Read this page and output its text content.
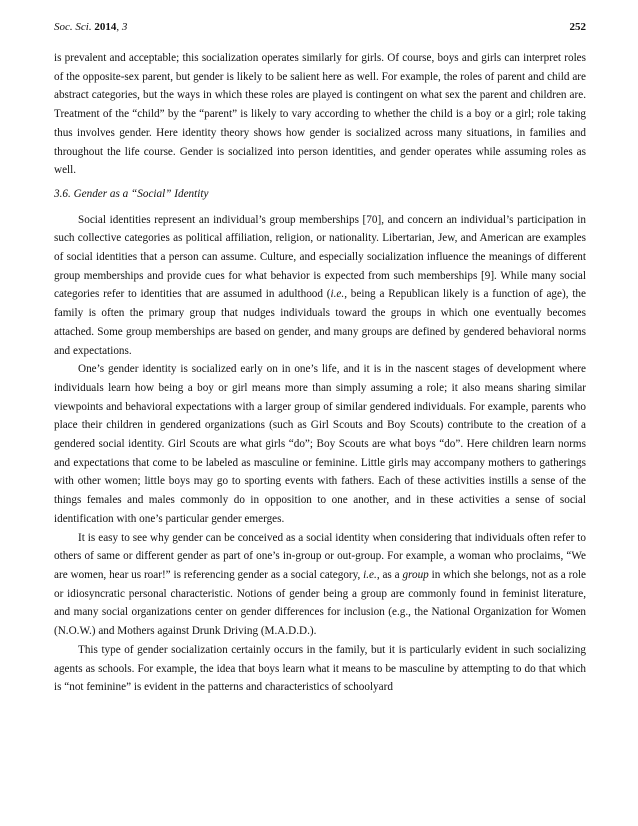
Soc. Sci. 2014, 3	252

is prevalent and acceptable; this socialization operates similarly for girls. Of course, boys and girls can interpret roles of the opposite-sex parent, but gender is likely to be salient here as well. For example, the roles of parent and child are abstract categories, but the ways in which these roles are played is contingent on what sex the parent and children are. Treatment of the “child” by the “parent” is likely to vary according to whether the child is a boy or a girl; role taking thus involves gender. Here identity theory shows how gender is socialized across many situations, in families and throughout the life course. Gender is socialized into person identities, and gender operates while assuming roles as well.

3.6. Gender as a “Social” Identity

Social identities represent an individual’s group memberships [70], and concern an individual’s participation in such collective categories as political affiliation, religion, or nationality. Libertarian, Jew, and American are examples of social identities that a person can assume. Culture, and especially socialization influence the meanings of different group memberships and provide cues for what behavior is expected from such memberships [9]. While many social categories refer to identities that are assumed in adulthood (i.e., being a Republican likely is a function of age), the family is often the primary group that nudges individuals toward the groups in which one eventually becomes attached. Some group memberships are based on gender, and many groups are defined by gendered behavioral norms and expectations.

One’s gender identity is socialized early on in one’s life, and it is in the nascent stages of development where individuals learn how being a boy or girl means more than simply assuming a role; it also means sharing similar viewpoints and behavioral expectations with a larger group of similar gendered individuals. For example, parents who place their children in gendered organizations (such as Girl Scouts and Boy Scouts) contribute to the creation of a gendered social identity. Girl Scouts are what girls “do”; Boy Scouts are what boys “do”. Here children learn norms and expectations that come to be labeled as masculine or feminine. Little girls may accompany mothers to gatherings with other women; little boys may go to sporting events with fathers. Each of these activities instills a sense of the things females and males commonly do in opposition to one another, and in these activities a sense of social identification with one’s particular gender emerges.

It is easy to see why gender can be conceived as a social identity when considering that individuals often refer to others of same or different gender as part of one’s in-group or out-group. For example, a woman who proclaims, “We are women, hear us roar!” is referencing gender as a social category, i.e., as a group in which she belongs, not as a role or idiosyncratic personal characteristic. Notions of gender being a group are commonly found in feminist literature, and many social organizations center on gender differences for inclusion (e.g., the National Organization for Women (N.O.W.) and Mothers against Drunk Driving (M.A.D.D.).

This type of gender socialization certainly occurs in the family, but it is particularly evident in such socializing agents as schools. For example, the idea that boys learn what it means to be masculine by attempting to do that which is “not feminine” is evident in the patterns and characteristics of schoolyard
